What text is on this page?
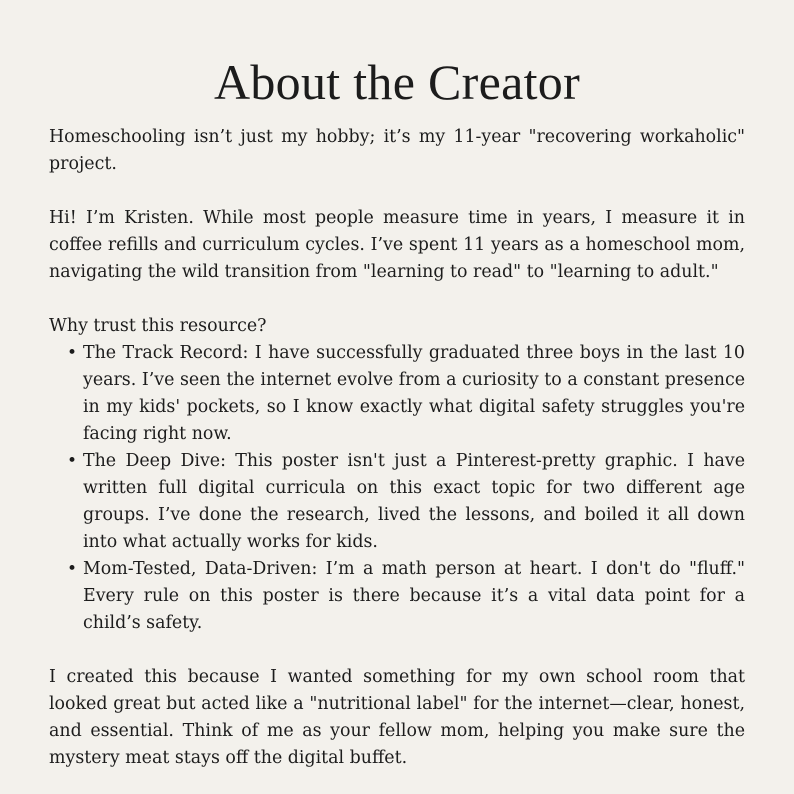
About the Creator

Homeschooling isn’t just my hobby; it’s my 11-year "recovering workaholic" project.

Hi! I’m Kristen. While most people measure time in years, I measure it in coffee refills and curriculum cycles. I’ve spent 11 years as a homeschool mom, navigating the wild transition from "learning to read" to "learning to adult."

Why trust this resource?

• The Track Record: I have successfully graduated three boys in the last 10 years. I’ve seen the internet evolve from a curiosity to a constant presence in my kids' pockets, so I know exactly what digital safety struggles you're facing right now.
• The Deep Dive: This poster isn't just a Pinterest-pretty graphic. I have written full digital curricula on this exact topic for two different age groups. I’ve done the research, lived the lessons, and boiled it all down into what actually works for kids.
• Mom-Tested, Data-Driven: I’m a math person at heart. I don't do "fluff." Every rule on this poster is there because it’s a vital data point for a child’s safety.

I created this because I wanted something for my own school room that looked great but acted like a "nutritional label" for the internet—clear, honest, and essential. Think of me as your fellow mom, helping you make sure the mystery meat stays off the digital buffet.
